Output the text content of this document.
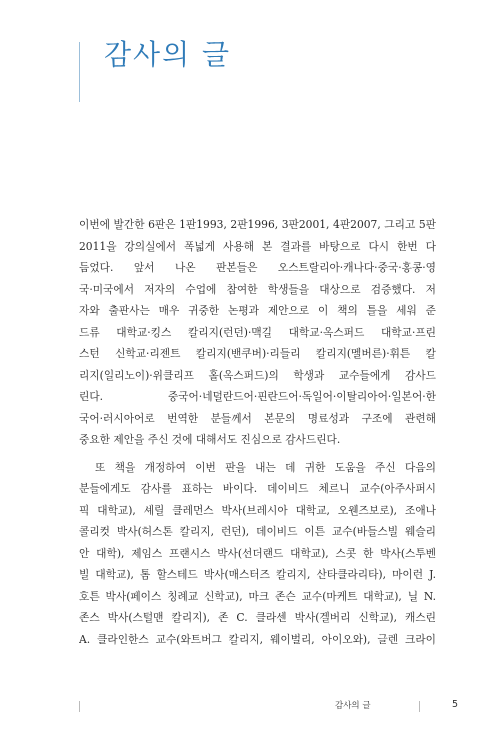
감사의 글
이번에 발간한 6판은 1판1993, 2판1996, 3판2001, 4판2007, 그리고 5판
2011을 강의실에서 폭넓게 사용해 본 결과를 바탕으로 다시 한번 다
듬었다. 앞서 나온 판본들은 오스트랄리아·캐나다·중국·홍콩·영
국·미국에서 저자의 수업에 참여한 학생들을 대상으로 검증했다. 저
자와 출판사는 매우 귀중한 논평과 제안으로 이 책의 틀을 세워 준
드류 대학교·킹스 칼리지(런던)·맥길 대학교·옥스퍼드 대학교·프린
스턴 신학교·리젠트 칼리지(밴쿠버)·리들리 칼리지(멜버른)·휘튼 칼
리지(일리노이)·위클리프 홀(옥스퍼드)의 학생과 교수들에게 감사드
린다. 중국어·네덜란드어·핀란드어·독일어·이탈리아어·일본어·한
국어·러시아어로 번역한 분들께서 본문의 명료성과 구조에 관련해
중요한 제안을 주신 것에 대해서도 진심으로 감사드린다.
또 책을 개정하여 이번 판을 내는 데 귀한 도움을 주신 다음의
분들에게도 감사를 표하는 바이다. 데이비드 체르니 교수(아주사퍼시
픽 대학교), 셰릴 클레먼스 박사(브레시아 대학교, 오웬즈보로), 조애나
콜리컷 박사(허스톤 칼리지, 런던), 데이비드 이튼 교수(바들스빌 웨슬리
안 대학), 제임스 프랜시스 박사(선더랜드 대학교), 스콧 한 박사(스투벤
빌 대학교), 톰 할스테드 박사(매스터즈 칼리지, 산타클라리타), 마이런 J.
호튼 박사(페이스 칭례교 신학교), 마크 존슨 교수(마케트 대학교), 닐 N.
존스 박사(스털맨 칼리지), 존 C. 클라센 박사(겔버리 신학교), 캐스린
A. 클라인한스 교수(와트버그 칼리지, 웨이벌리, 아이오와), 글렌 크라이
감사의 글	5
